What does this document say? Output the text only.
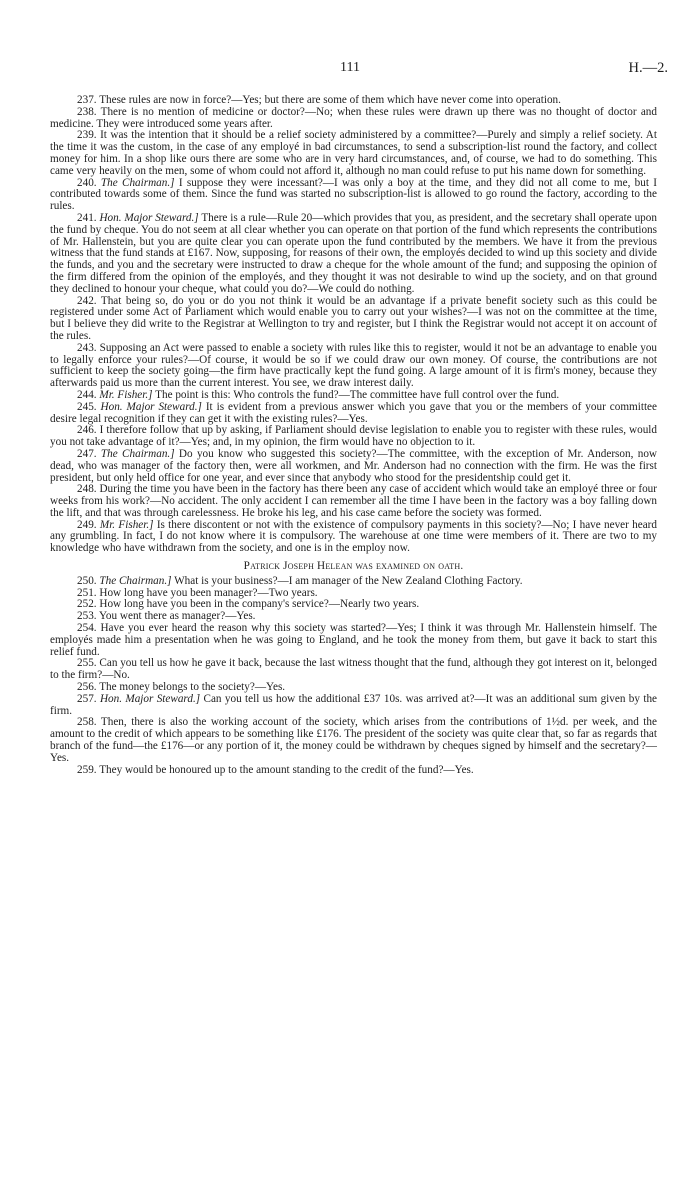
111	H.—2.

237. These rules are now in force?—Yes; but there are some of them which have never come into operation.

238. There is no mention of medicine or doctor?—No; when these rules were drawn up there was no thought of doctor and medicine. They were introduced some years after.

239. It was the intention that it should be a relief society administered by a committee?—Purely and simply a relief society. At the time it was the custom, in the case of any employé in bad circumstances, to send a subscription-list round the factory, and collect money for him. In a shop like ours there are some who are in very hard circumstances, and, of course, we had to do something. This came very heavily on the men, some of whom could not afford it, although no man could refuse to put his name down for something.

240. The Chairman.] I suppose they were incessant?—I was only a boy at the time, and they did not all come to me, but I contributed towards some of them. Since the fund was started no subscription-list is allowed to go round the factory, according to the rules.

241. Hon. Major Steward.] There is a rule—Rule 20—which provides that you, as president, and the secretary shall operate upon the fund by cheque. You do not seem at all clear whether you can operate on that portion of the fund which represents the contributions of Mr. Hallenstein, but you are quite clear you can operate upon the fund contributed by the members. We have it from the previous witness that the fund stands at £167. Now, supposing, for reasons of their own, the employés decided to wind up this society and divide the funds, and you and the secretary were instructed to draw a cheque for the whole amount of the fund; and supposing the opinion of the firm differed from the opinion of the employés, and they thought it was not desirable to wind up the society, and on that ground they declined to honour your cheque, what could you do?—We could do nothing.

242. That being so, do you or do you not think it would be an advantage if a private benefit society such as this could be registered under some Act of Parliament which would enable you to carry out your wishes?—I was not on the committee at the time, but I believe they did write to the Registrar at Wellington to try and register, but I think the Registrar would not accept it on account of the rules.

243. Supposing an Act were passed to enable a society with rules like this to register, would it not be an advantage to enable you to legally enforce your rules?—Of course, it would be so if we could draw our own money. Of course, the contributions are not sufficient to keep the society going—the firm have practically kept the fund going. A large amount of it is firm's money, because they afterwards paid us more than the current interest. You see, we draw interest daily.

244. Mr. Fisher.] The point is this: Who controls the fund?—The committee have full control over the fund.

245. Hon. Major Steward.] It is evident from a previous answer which you gave that you or the members of your committee desire legal recognition if they can get it with the existing rules?—Yes.

246. I therefore follow that up by asking, if Parliament should devise legislation to enable you to register with these rules, would you not take advantage of it?—Yes; and, in my opinion, the firm would have no objection to it.

247. The Chairman.] Do you know who suggested this society?—The committee, with the exception of Mr. Anderson, now dead, who was manager of the factory then, were all workmen, and Mr. Anderson had no connection with the firm. He was the first president, but only held office for one year, and ever since that anybody who stood for the presidentship could get it.

248. During the time you have been in the factory has there been any case of accident which would take an employé three or four weeks from his work?—No accident. The only accident I can remember all the time I have been in the factory was a boy falling down the lift, and that was through carelessness. He broke his leg, and his case came before the society was formed.

249. Mr. Fisher.] Is there discontent or not with the existence of compulsory payments in this society?—No; I have never heard any grumbling. In fact, I do not know where it is compulsory. The warehouse at one time were members of it. There are two to my knowledge who have withdrawn from the society, and one is in the employ now.

Patrick Joseph Helean was examined on oath.

250. The Chairman.] What is your business?—I am manager of the New Zealand Clothing Factory.

251. How long have you been manager?—Two years.

252. How long have you been in the company's service?—Nearly two years.

253. You went there as manager?—Yes.

254. Have you ever heard the reason why this society was started?—Yes; I think it was through Mr. Hallenstein himself. The employés made him a presentation when he was going to England, and he took the money from them, but gave it back to start this relief fund.

255. Can you tell us how he gave it back, because the last witness thought that the fund, although they got interest on it, belonged to the firm?—No.

256. The money belongs to the society?—Yes.

257. Hon. Major Steward.] Can you tell us how the additional £37 10s. was arrived at?—It was an additional sum given by the firm.

258. Then, there is also the working account of the society, which arises from the contributions of 1½d. per week, and the amount to the credit of which appears to be something like £176. The president of the society was quite clear that, so far as regards that branch of the fund—the £176—or any portion of it, the money could be withdrawn by cheques signed by himself and the secretary?—Yes.

259. They would be honoured up to the amount standing to the credit of the fund?—Yes.
